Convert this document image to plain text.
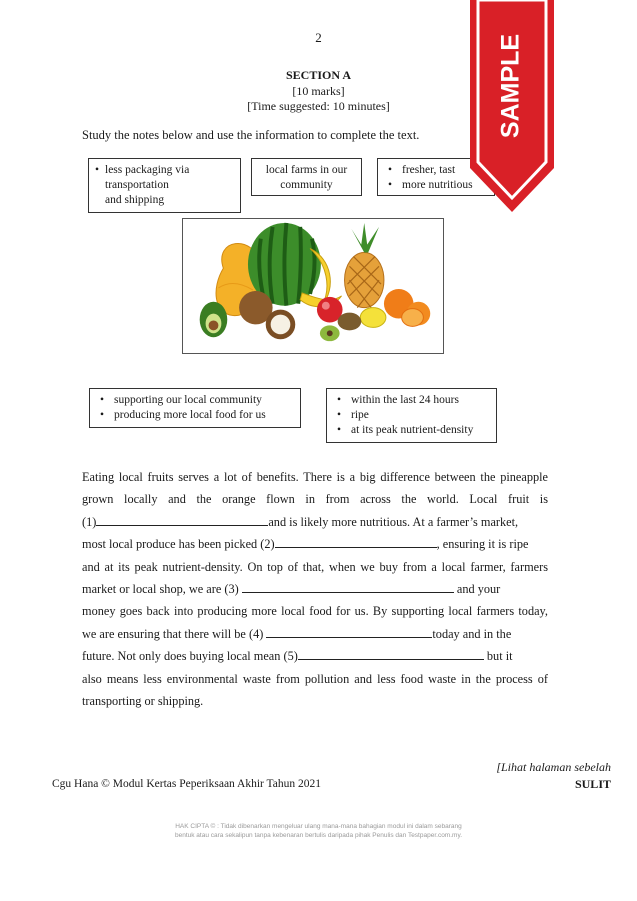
2
SECTION A
[10 marks]
[Time suggested: 10 minutes]
Study the notes below and use the information to complete the text.
• less packaging via
transportation
and shipping
local farms in our
community
• fresher, tast
• more nutritious
SAMPLE
• supporting our local community
• producing more local food for us
• within the last 24 hours
• ripe
• at its peak nutrient-density
Eating local fruits serves a lot of benefits. There is a big difference between the pineapple
grown locally and the orange flown in from across the world. Local fruit is
(1)	and is likely more nutritious. At a farmer’s market,
most local produce has been picked (2)	, ensuring it is ripe
and at its peak nutrient-density. On top of that, when we buy from a local farmer, farmers
market or local shop, we are (3)	and your
money goes back into producing more local food for us. By supporting local farmers today,
we are ensuring that there will be (4)	today and in the
future. Not only does buying local mean (5)	but it
also means less environmental waste from pollution and less food waste in the process of
transporting or shipping.
[Lihat halaman sebelah
Cgu Hana © Modul Kertas Peperiksaan Akhir Tahun 2021	SULIT
HAK CIPTA © : Tidak dibenarkan mengeluar ulang mana-mana bahagian modul ini dalam sebarang
bentuk atau cara sekalipun tanpa kebenaran bertulis daripada pihak Penulis dan Testpaper.com.my.
